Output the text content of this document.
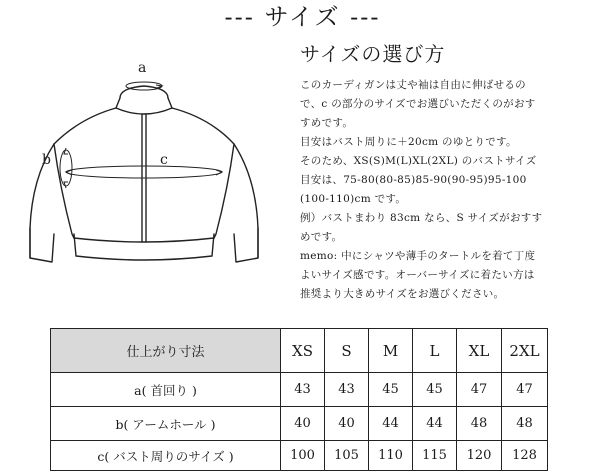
--- サイズ ---
a
b	c
サイズの選び方
このカーディガンは丈や袖は自由に伸ばせるの
で、c の部分のサイズでお選びいただくのがおす
すめです。
目安はバスト周りに＋20cm のゆとりです。
そのため、XS(S)M(L)XL(2XL) のバストサイズ
目安は、75-80(80-85)85-90(90-95)95-100
(100-110)cm です。
例）バストまわり 83cm なら、S サイズがおすす
めです。
memo: 中にシャツや薄手のタートルを着て丁度
よいサイズ感です。オーバーサイズに着たい方は
推奨より大きめサイズをお選びください。
仕上がり寸法	XS	S	M	L	XL	2XL
a( 首回り )	43	43	45	45	47	47
b( アームホール )	40	40	44	44	48	48
c( バスト周りのサイズ )	100	105	110	115	120	128
